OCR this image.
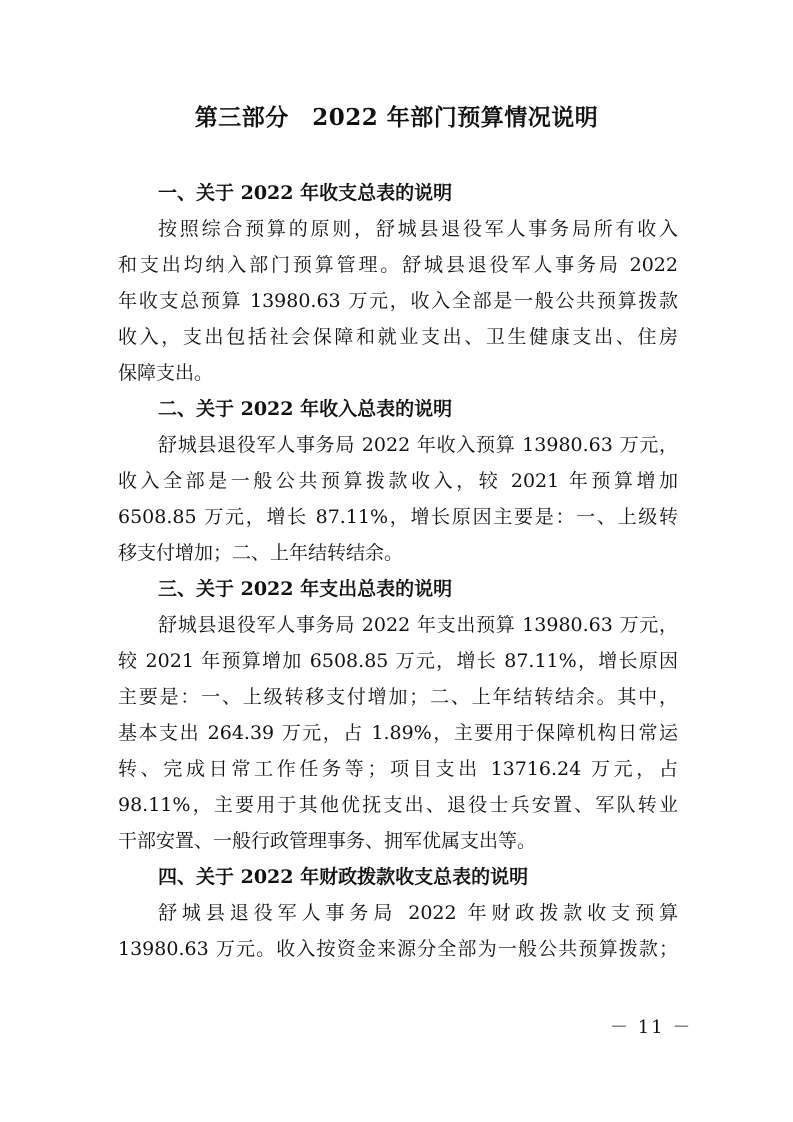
第三部分　2022 年部门预算情况说明
一、关于 2022 年收支总表的说明
按照综合预算的原则，舒城县退役军人事务局所有收入
和支出均纳入部门预算管理。舒城县退役军人事务局 2022
年收支总预算 13980.63 万元，收入全部是一般公共预算拨款
收入，支出包括社会保障和就业支出、卫生健康支出、住房
保障支出。
二、关于 2022 年收入总表的说明
舒城县退役军人事务局 2022 年收入预算 13980.63 万元，
收入全部是一般公共预算拨款收入，较 2021 年预算增加
6508.85 万元，增长 87.11%，增长原因主要是：一、上级转
移支付增加；二、上年结转结余。
三、关于 2022 年支出总表的说明
舒城县退役军人事务局 2022 年支出预算 13980.63 万元，
较 2021 年预算增加 6508.85 万元，增长 87.11%，增长原因
主要是：一、上级转移支付增加；二、上年结转结余。其中，
基本支出 264.39 万元，占 1.89%，主要用于保障机构日常运
转、完成日常工作任务等；项目支出 13716.24 万元，占
98.11%，主要用于其他优抚支出、退役士兵安置、军队转业
干部安置、一般行政管理事务、拥军优属支出等。
四、关于 2022 年财政拨款收支总表的说明
舒城县退役军人事务局 2022 年财政拨款收支预算
13980.63 万元。收入按资金来源分全部为一般公共预算拨款；
－ 11 －
